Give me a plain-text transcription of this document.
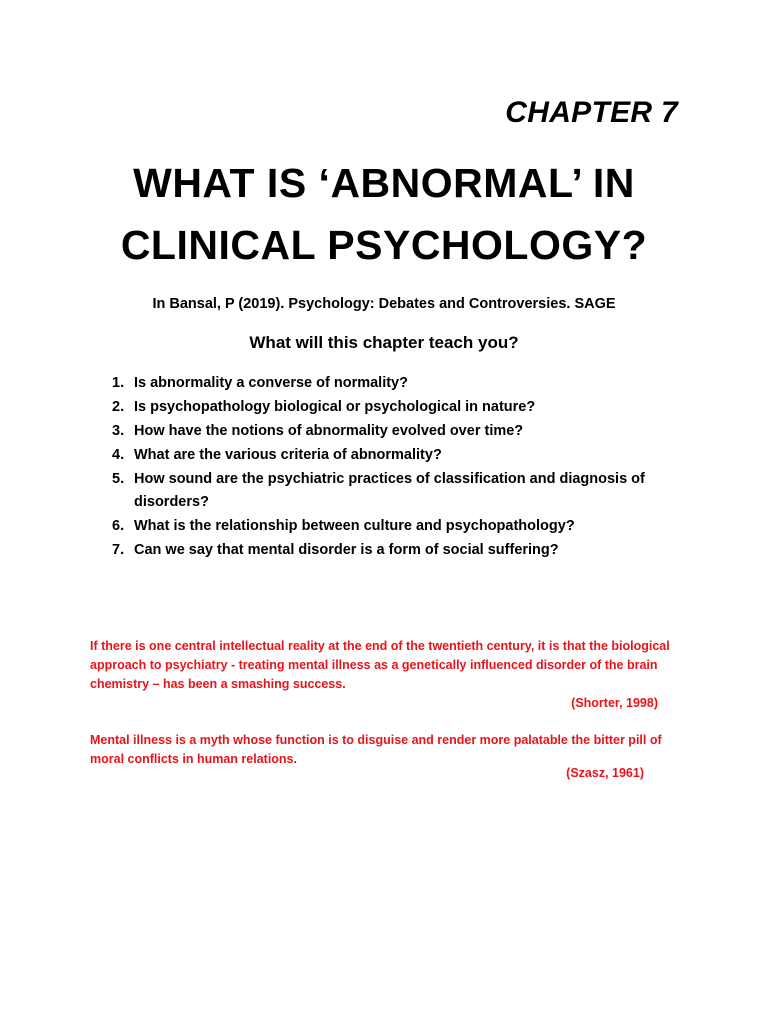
CHAPTER 7
WHAT IS ‘ABNORMAL’ IN
CLINICAL PSYCHOLOGY?
In Bansal, P (2019). Psychology: Debates and Controversies. SAGE
What will this chapter teach you?
1. Is abnormality a converse of normality?
2. Is psychopathology biological or psychological in nature?
3. How have the notions of abnormality evolved over time?
4. What are the various criteria of abnormality?
5. How sound are the psychiatric practices of classification and diagnosis of disorders?
6. What is the relationship between culture and psychopathology?
7. Can we say that mental disorder is a form of social suffering?
If there is one central intellectual reality at the end of the twentieth century, it is that the biological approach to psychiatry - treating mental illness as a genetically influenced disorder of the brain chemistry – has been a smashing success.
(Shorter, 1998)
Mental illness is a myth whose function is to disguise and render more palatable the bitter pill of moral conflicts in human relations.
(Szasz, 1961)
